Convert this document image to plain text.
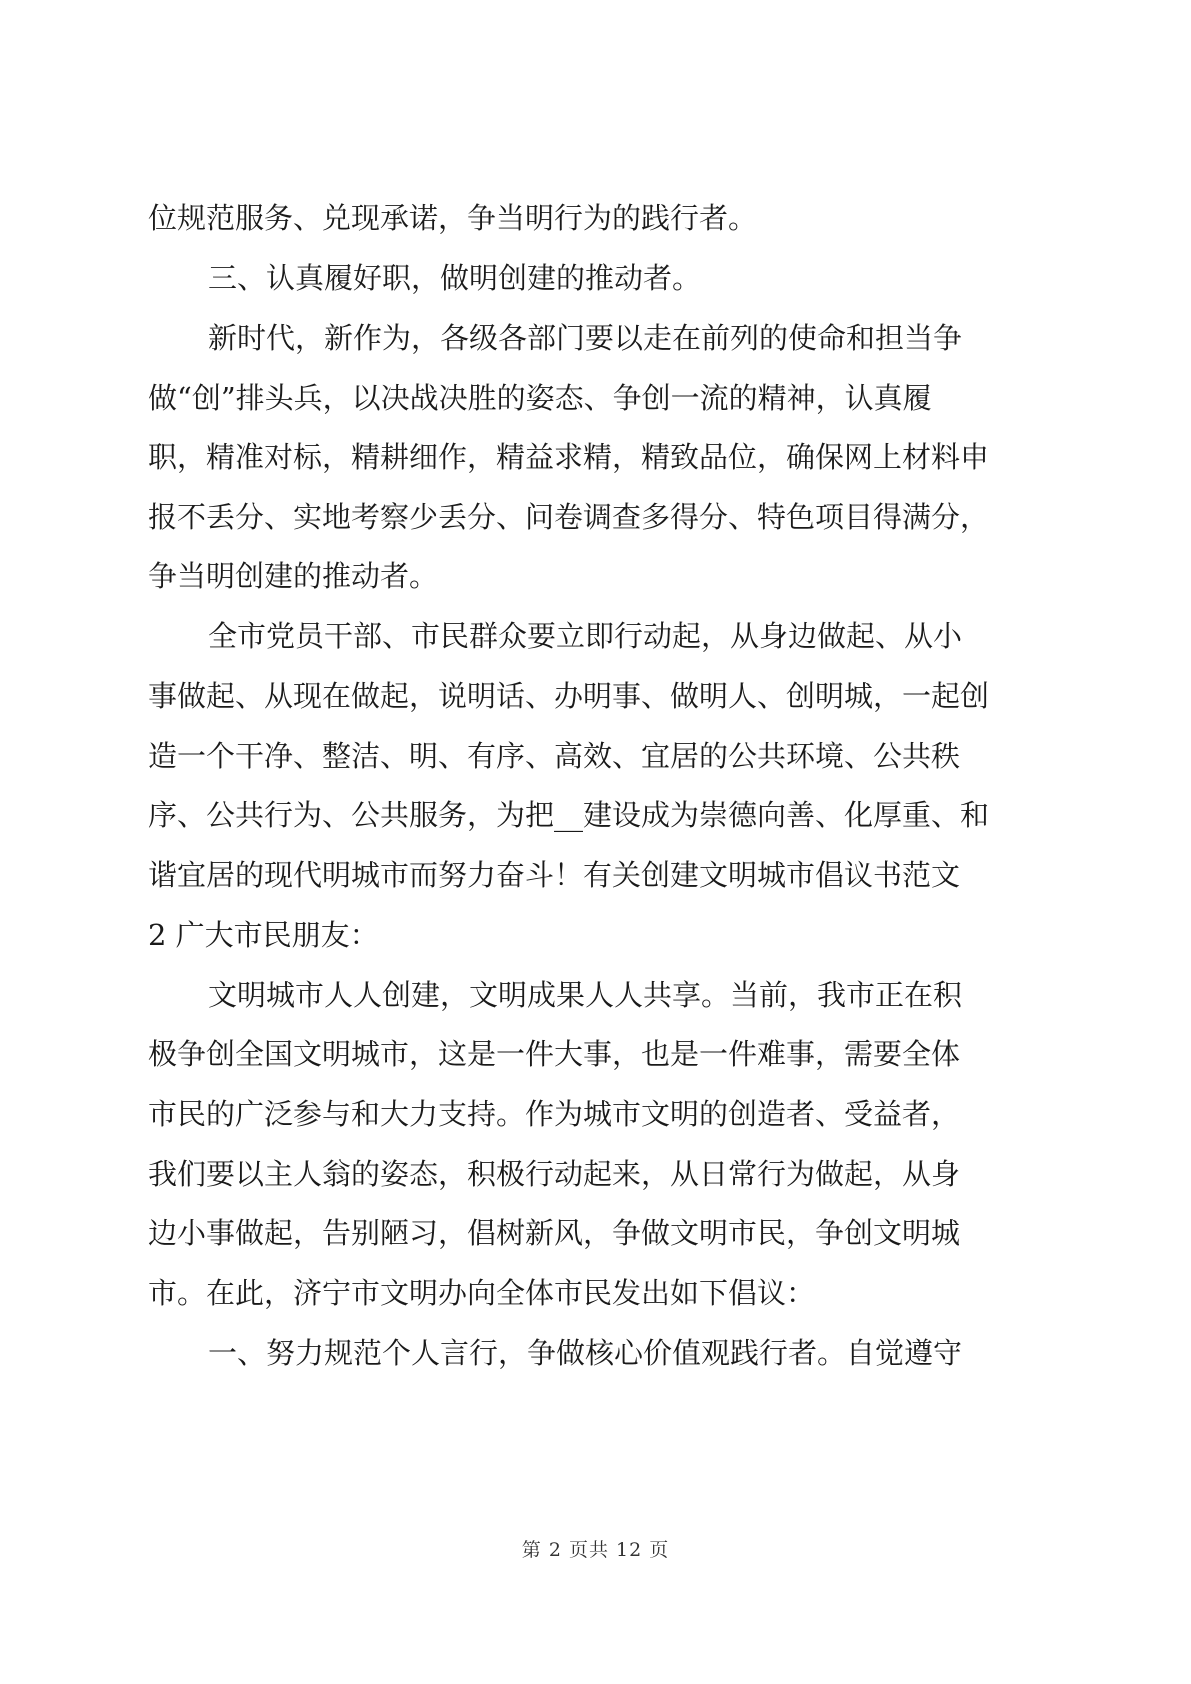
位规范服务、兑现承诺，争当明行为的践行者。
三、认真履好职，做明创建的推动者。
新时代，新作为，各级各部门要以走在前列的使命和担当争
做“创”排头兵，以决战决胜的姿态、争创一流的精神，认真履
职，精准对标，精耕细作，精益求精，精致品位，确保网上材料申
报不丢分、实地考察少丢分、问卷调查多得分、特色项目得满分，
争当明创建的推动者。
全市党员干部、市民群众要立即行动起，从身边做起、从小
事做起、从现在做起，说明话、办明事、做明人、创明城，一起创
造一个干净、整洁、明、有序、高效、宜居的公共环境、公共秩
序、公共行为、公共服务，为把__建设成为崇德向善、化厚重、和
谐宜居的现代明城市而努力奋斗！有关创建文明城市倡议书范文
2 广大市民朋友：
文明城市人人创建，文明成果人人共享。当前，我市正在积
极争创全国文明城市，这是一件大事，也是一件难事，需要全体
市民的广泛参与和大力支持。作为城市文明的创造者、受益者，
我们要以主人翁的姿态，积极行动起来，从日常行为做起，从身
边小事做起，告别陋习，倡树新风，争做文明市民，争创文明城
市。在此，济宁市文明办向全体市民发出如下倡议：
一、努力规范个人言行，争做核心价值观践行者。自觉遵守
第 2 页共 12 页
